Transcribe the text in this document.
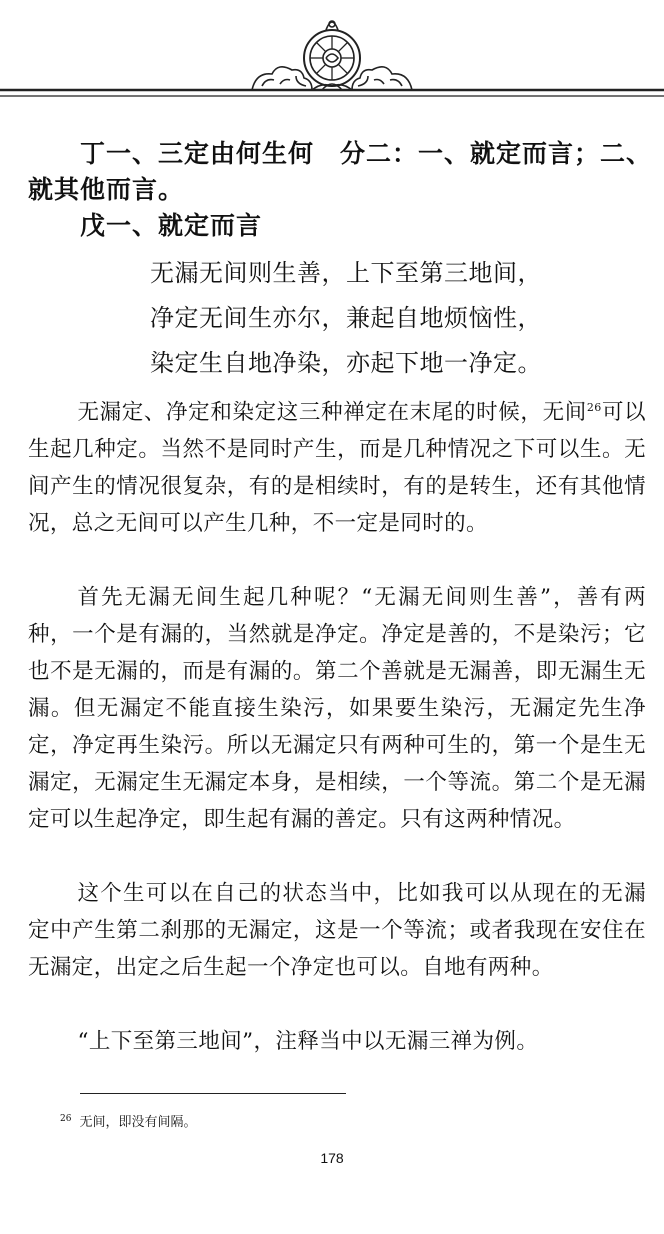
丁一、三定由何生何　分二：一、就定而言；二、
就其他而言。
戊一、就定而言
无漏无间则生善，上下至第三地间，
净定无间生亦尔，兼起自地烦恼性，
染定生自地净染，亦起下地一净定。
无漏定、净定和染定这三种禅定在末尾的时候，无间$^{26}$可以生起几种定。当然不是同时产生，而是几种情况之下可以生。无间产生的情况很复杂，有的是相续时，有的是转生，还有其他情况，总之无间可以产生几种，不一定是同时的。
首先无漏无间生起几种呢？“无漏无间则生善”，善有两种，一个是有漏的，当然就是净定。净定是善的，不是染污；它也不是无漏的，而是有漏的。第二个善就是无漏善，即无漏生无漏。但无漏定不能直接生染污，如果要生染污，无漏定先生净定，净定再生染污。所以无漏定只有两种可生的，第一个是生无漏定，无漏定生无漏定本身，是相续，一个等流。第二个是无漏定可以生起净定，即生起有漏的善定。只有这两种情况。
这个生可以在自己的状态当中，比如我可以从现在的无漏定中产生第二刹那的无漏定，这是一个等流；或者我现在安住在无漏定，出定之后生起一个净定也可以。自地有两种。
“上下至第三地间”，注释当中以无漏三禅为例。
$^{26}$ 无间，即没有间隔。
178
